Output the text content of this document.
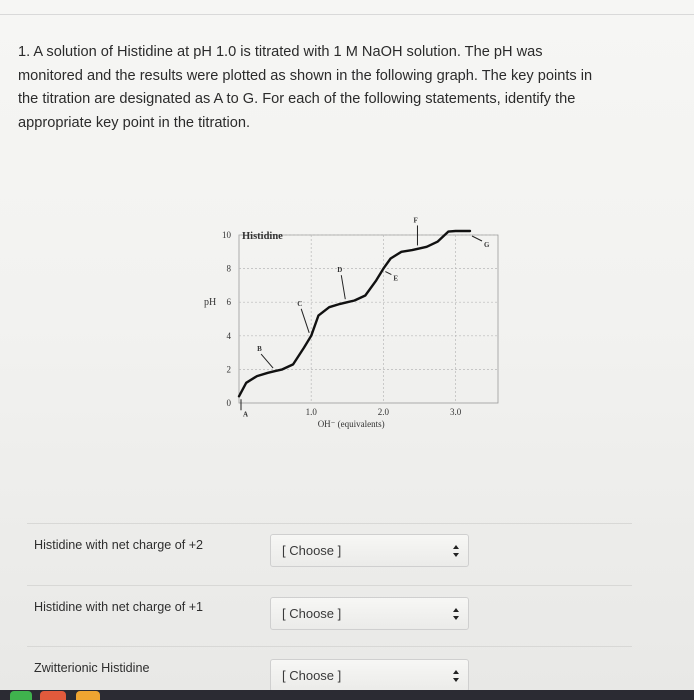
1. A solution of Histidine at pH 1.0 is titrated with 1 M NaOH solution. The pH was
monitored and the results were plotted as shown in the following graph. The key points in
the titration are designated as A to G. For each of the following statements, identify the
appropriate key point in the titration.
10
8
6
4
2
0
pH
Histidine
1.0	2.0	3.0
OH⁻ (equivalents)
A
B
C
D
E
F
G
Histidine with net charge of +2	[ Choose ]
Histidine with net charge of +1	[ Choose ]
Zwitterionic Histidine	[ Choose ]
